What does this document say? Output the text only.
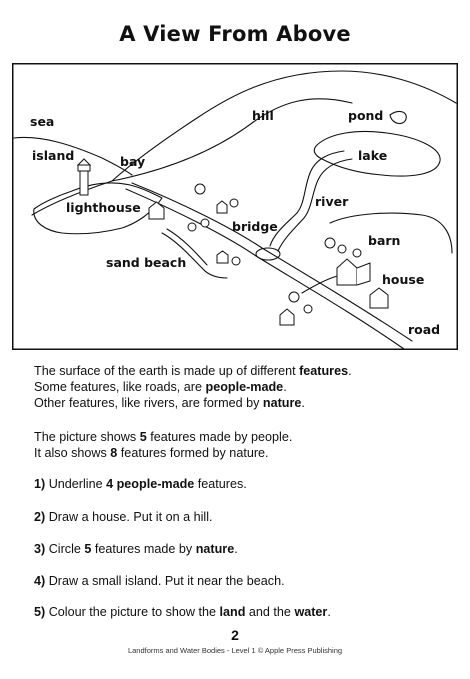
A View From Above
sea
island	bay
lighthouse
sand beach
hill	pond
lake
river
bridge
barn
house
road
The surface of the earth is made up of different features.
Some features, like roads, are people-made.
Other features, like rivers, are formed by nature.
The picture shows 5 features made by people.
It also shows 8 features formed by nature.
1) Underline 4 people-made features.
2) Draw a house. Put it on a hill.
3) Circle 5 features made by nature.
4) Draw a small island. Put it near the beach.
5) Colour the picture to show the land and the water.
2
Landforms and Water Bodies - Level 1 © Apple Press Publishing
